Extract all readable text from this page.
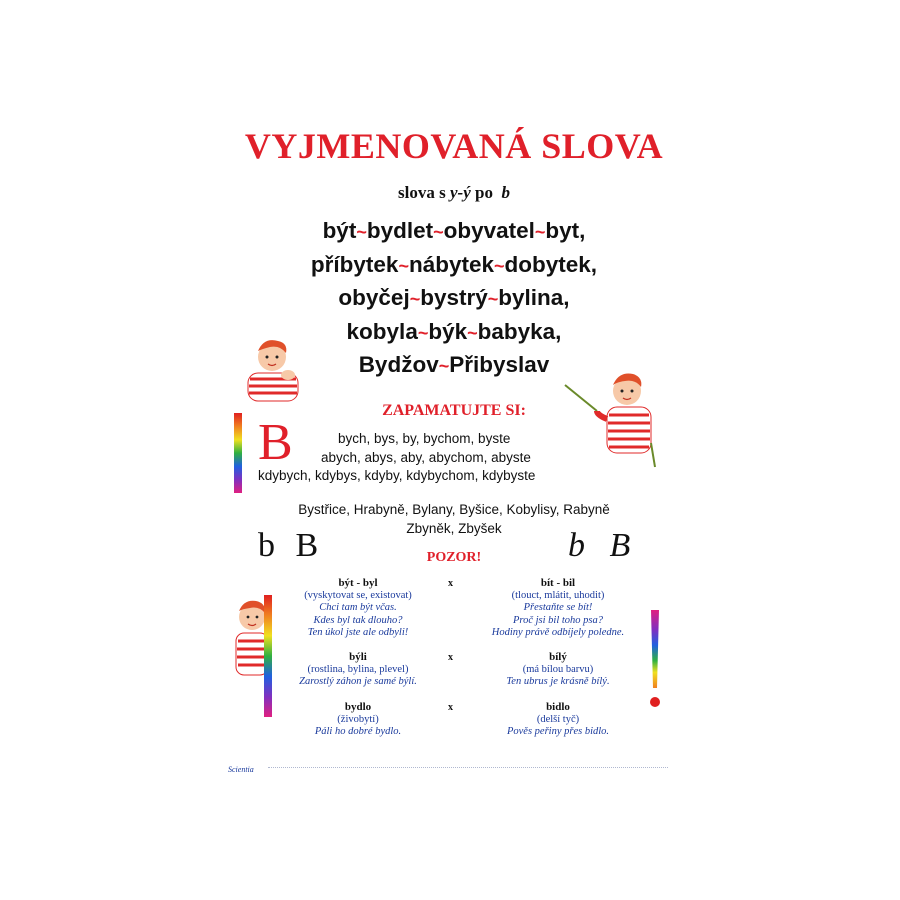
VYJMENOVANÁ SLOVA
slova s y-ý po b
být~bydlet~obyvatel~byt,
příbytek~nábytek~dobytek,
obyčej~bystrý~bylina,
kobyla~býk~babyka,
Bydžov~Přibyslav
ZAPAMATUJTE SI:
B	bych, bys, by, bychom, byste
abych, abys, aby, abychom, abyste
kdybych, kdybys, kdyby, kdybychom, kdybyste
Bystřice, Hrabyně, Bylany, Byšice, Kobylisy, Rabyně
Zbyněk, Zbyšek
b B	b B
POZOR!
být - byl
(vyskytovat se, existovat)
Chci tam být včas.
Kdes byl tak dlouho?
Ten úkol jste ale odbyli!
x	bít - bil
(tlouct, mlátit, uhodit)
Přestaňte se bít!
Proč jsi bil toho psa?
Hodiny právě odbíjely poledne.
býli
(rostlina, bylina, plevel)
Zarostlý záhon je samé býlí.
x	bílý
(má bílou barvu)
Ten ubrus je krásně bílý.
bydlo
(živobytí)
Páli ho dobré bydlo.
x	bidlo
(delší tyč)
Pověs peřiny přes bidlo.
Scientia
